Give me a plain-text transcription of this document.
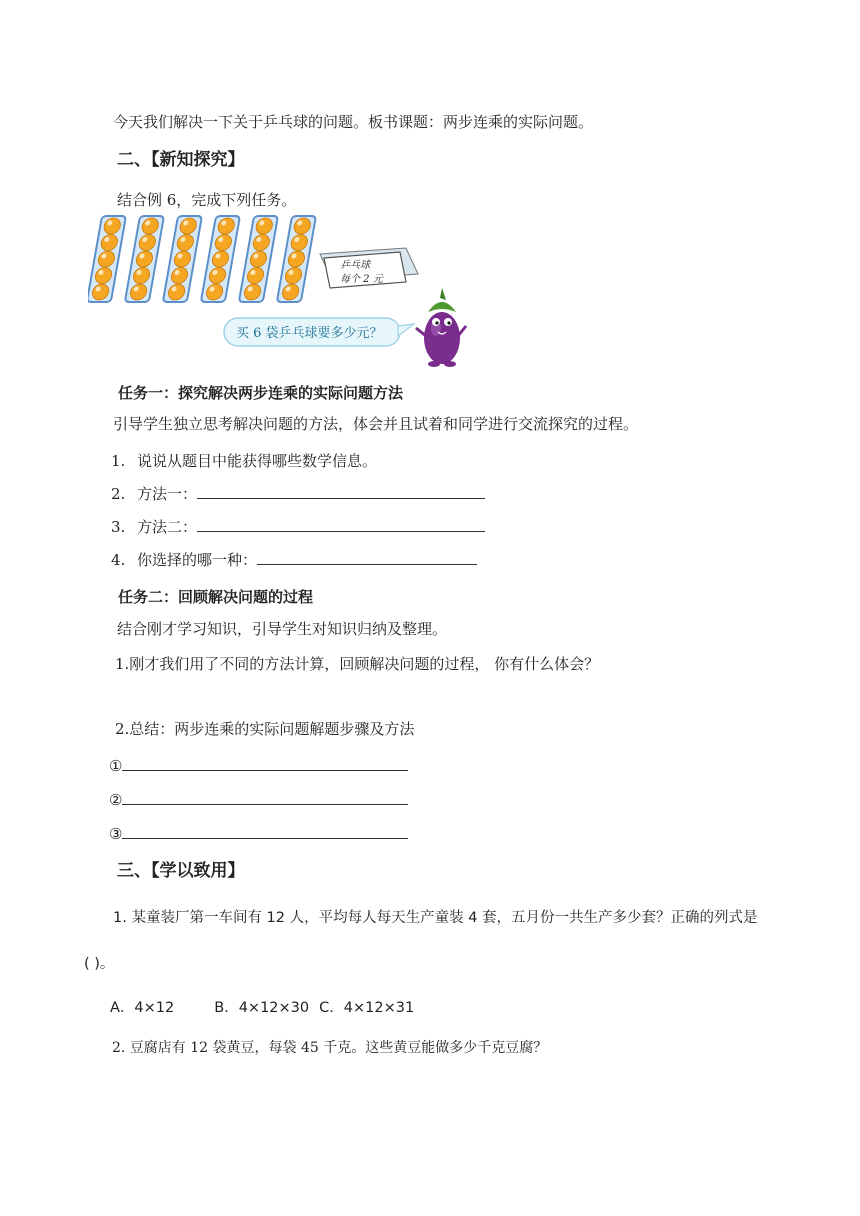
今天我们解决一下关于乒乓球的问题。板书课题：两步连乘的实际问题。
二、【新知探究】
结合例 6，完成下列任务。
乒乓球
每个 2 元
买 6 袋乒乓球要多少元？
任务一：探究解决两步连乘的实际问题方法
引导学生独立思考解决问题的方法，体会并且试着和同学进行交流探究的过程。
1. 说说从题目中能获得哪些数学信息。
2. 方法一：
3. 方法二：
4. 你选择的哪一种：
任务二：回顾解决问题的过程
结合刚才学习知识，引导学生对知识归纳及整理。
1.刚才我们用了不同的方法计算，回顾解决问题的过程， 你有什么体会？
2.总结：两步连乘的实际问题解题步骤及方法
①
②
③
三、【学以致用】
1. 某童装厂第一车间有 12 人，平均每人每天生产童装 4 套，五月份一共生产多少套？正确的列式是
( )。
A．4×12	B．4×12×30 C．4×12×31
2. 豆腐店有 12 袋黄豆，每袋 45 千克。这些黄豆能做多少千克豆腐？
